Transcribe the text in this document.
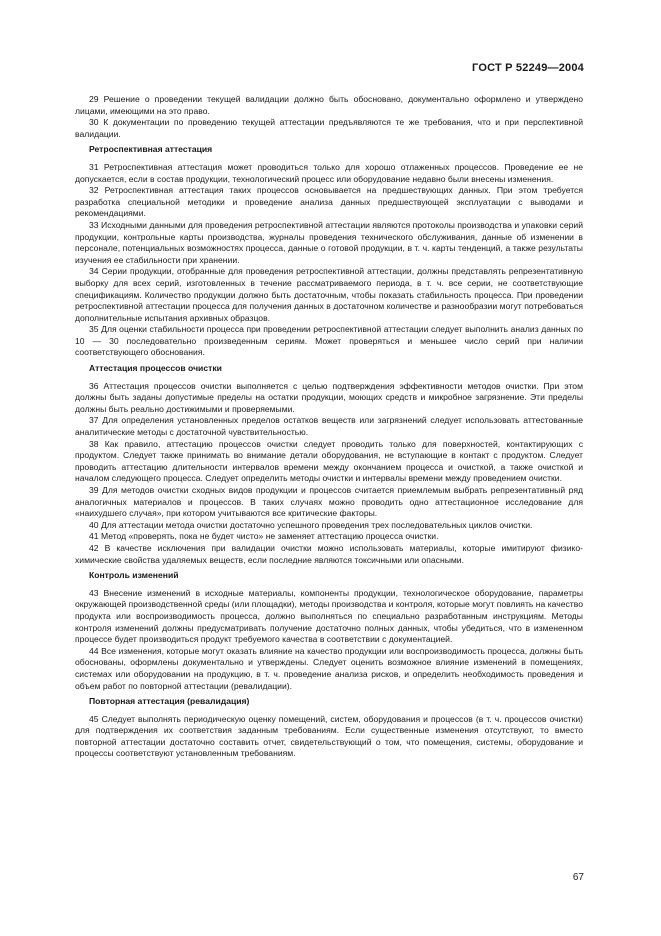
ГОСТ Р 52249—2004

29 Решение о проведении текущей валидации должно быть обосновано, документально оформлено и утверждено лицами, имеющими на это право.

30 К документации по проведению текущей аттестации предъявляются те же требования, что и при перспективной валидации.

Ретроспективная аттестация

31 Ретроспективная аттестация может проводиться только для хорошо отлаженных процессов. Проведение ее не допускается, если в состав продукции, технологический процесс или оборудование недавно были внесены изменения.

32 Ретроспективная аттестация таких процессов основывается на предшествующих данных. При этом требуется разработка специальной методики и проведение анализа данных предшествующей эксплуатации с выводами и рекомендациями.

33 Исходными данными для проведения ретроспективной аттестации являются протоколы производства и упаковки серий продукции, контрольные карты производства, журналы проведения технического обслуживания, данные об изменении в персонале, потенциальных возможностях процесса, данные о готовой продукции, в т. ч. карты тенденций, а также результаты изучения ее стабильности при хранении.

34 Серии продукции, отобранные для проведения ретроспективной аттестации, должны представлять репрезентативную выборку для всех серий, изготовленных в течение рассматриваемого периода, в т. ч. все серии, не соответствующие спецификациям. Количество продукции должно быть достаточным, чтобы показать стабильность процесса. При проведении ретроспективной аттестации процесса для получения данных в достаточном количестве и разнообразии могут потребоваться дополнительные испытания архивных образцов.

35 Для оценки стабильности процесса при проведении ретроспективной аттестации следует выполнить анализ данных по 10 — 30 последовательно произведенным сериям. Может проверяться и меньшее число серий при наличии соответствующего обоснования.

Аттестация процессов очистки

36 Аттестация процессов очистки выполняется с целью подтверждения эффективности методов очистки. При этом должны быть заданы допустимые пределы на остатки продукции, моющих средств и микробное загрязнение. Эти пределы должны быть реально достижимыми и проверяемыми.

37 Для определения установленных пределов остатков веществ или загрязнений следует использовать аттестованные аналитические методы с достаточной чувствительностью.

38 Как правило, аттестацию процессов очистки следует проводить только для поверхностей, контактирующих с продуктом. Следует также принимать во внимание детали оборудования, не вступающие в контакт с продуктом. Следует проводить аттестацию длительности интервалов времени между окончанием процесса и очисткой, а также очисткой и началом следующего процесса. Следует определить методы очистки и интервалы времени между проведением очистки.

39 Для методов очистки сходных видов продукции и процессов считается приемлемым выбрать репрезентативный ряд аналогичных материалов и процессов. В таких случаях можно проводить одно аттестационное исследование для «наихудшего случая», при котором учитываются все критические факторы.

40 Для аттестации метода очистки достаточно успешного проведения трех последовательных циклов очистки.

41 Метод «проверять, пока не будет чисто» не заменяет аттестацию процесса очистки.

42 В качестве исключения при валидации очистки можно использовать материалы, которые имитируют физико-химические свойства удаляемых веществ, если последние являются токсичными или опасными.

Контроль изменений

43 Внесение изменений в исходные материалы, компоненты продукции, технологическое оборудование, параметры окружающей производственной среды (или площадки), методы производства и контроля, которые могут повлиять на качество продукта или воспроизводимость процесса, должно выполняться по специально разработанным инструкциям. Методы контроля изменений должны предусматривать получение достаточно полных данных, чтобы убедиться, что в измененном процессе будет производиться продукт требуемого качества в соответствии с документацией.

44 Все изменения, которые могут оказать влияние на качество продукции или воспроизводимость процесса, должны быть обоснованы, оформлены документально и утверждены. Следует оценить возможное влияние изменений в помещениях, системах или оборудовании на продукцию, в т. ч. проведение анализа рисков, и определить необходимость проведения и объем работ по повторной аттестации (ревалидации).

Повторная аттестация (ревалидация)

45 Следует выполнять периодическую оценку помещений, систем, оборудования и процессов (в т. ч. процессов очистки) для подтверждения их соответствия заданным требованиям. Если существенные изменения отсутствуют, то вместо повторной аттестации достаточно составить отчет, свидетельствующий о том, что помещения, системы, оборудование и процессы соответствуют установленным требованиям.

67
